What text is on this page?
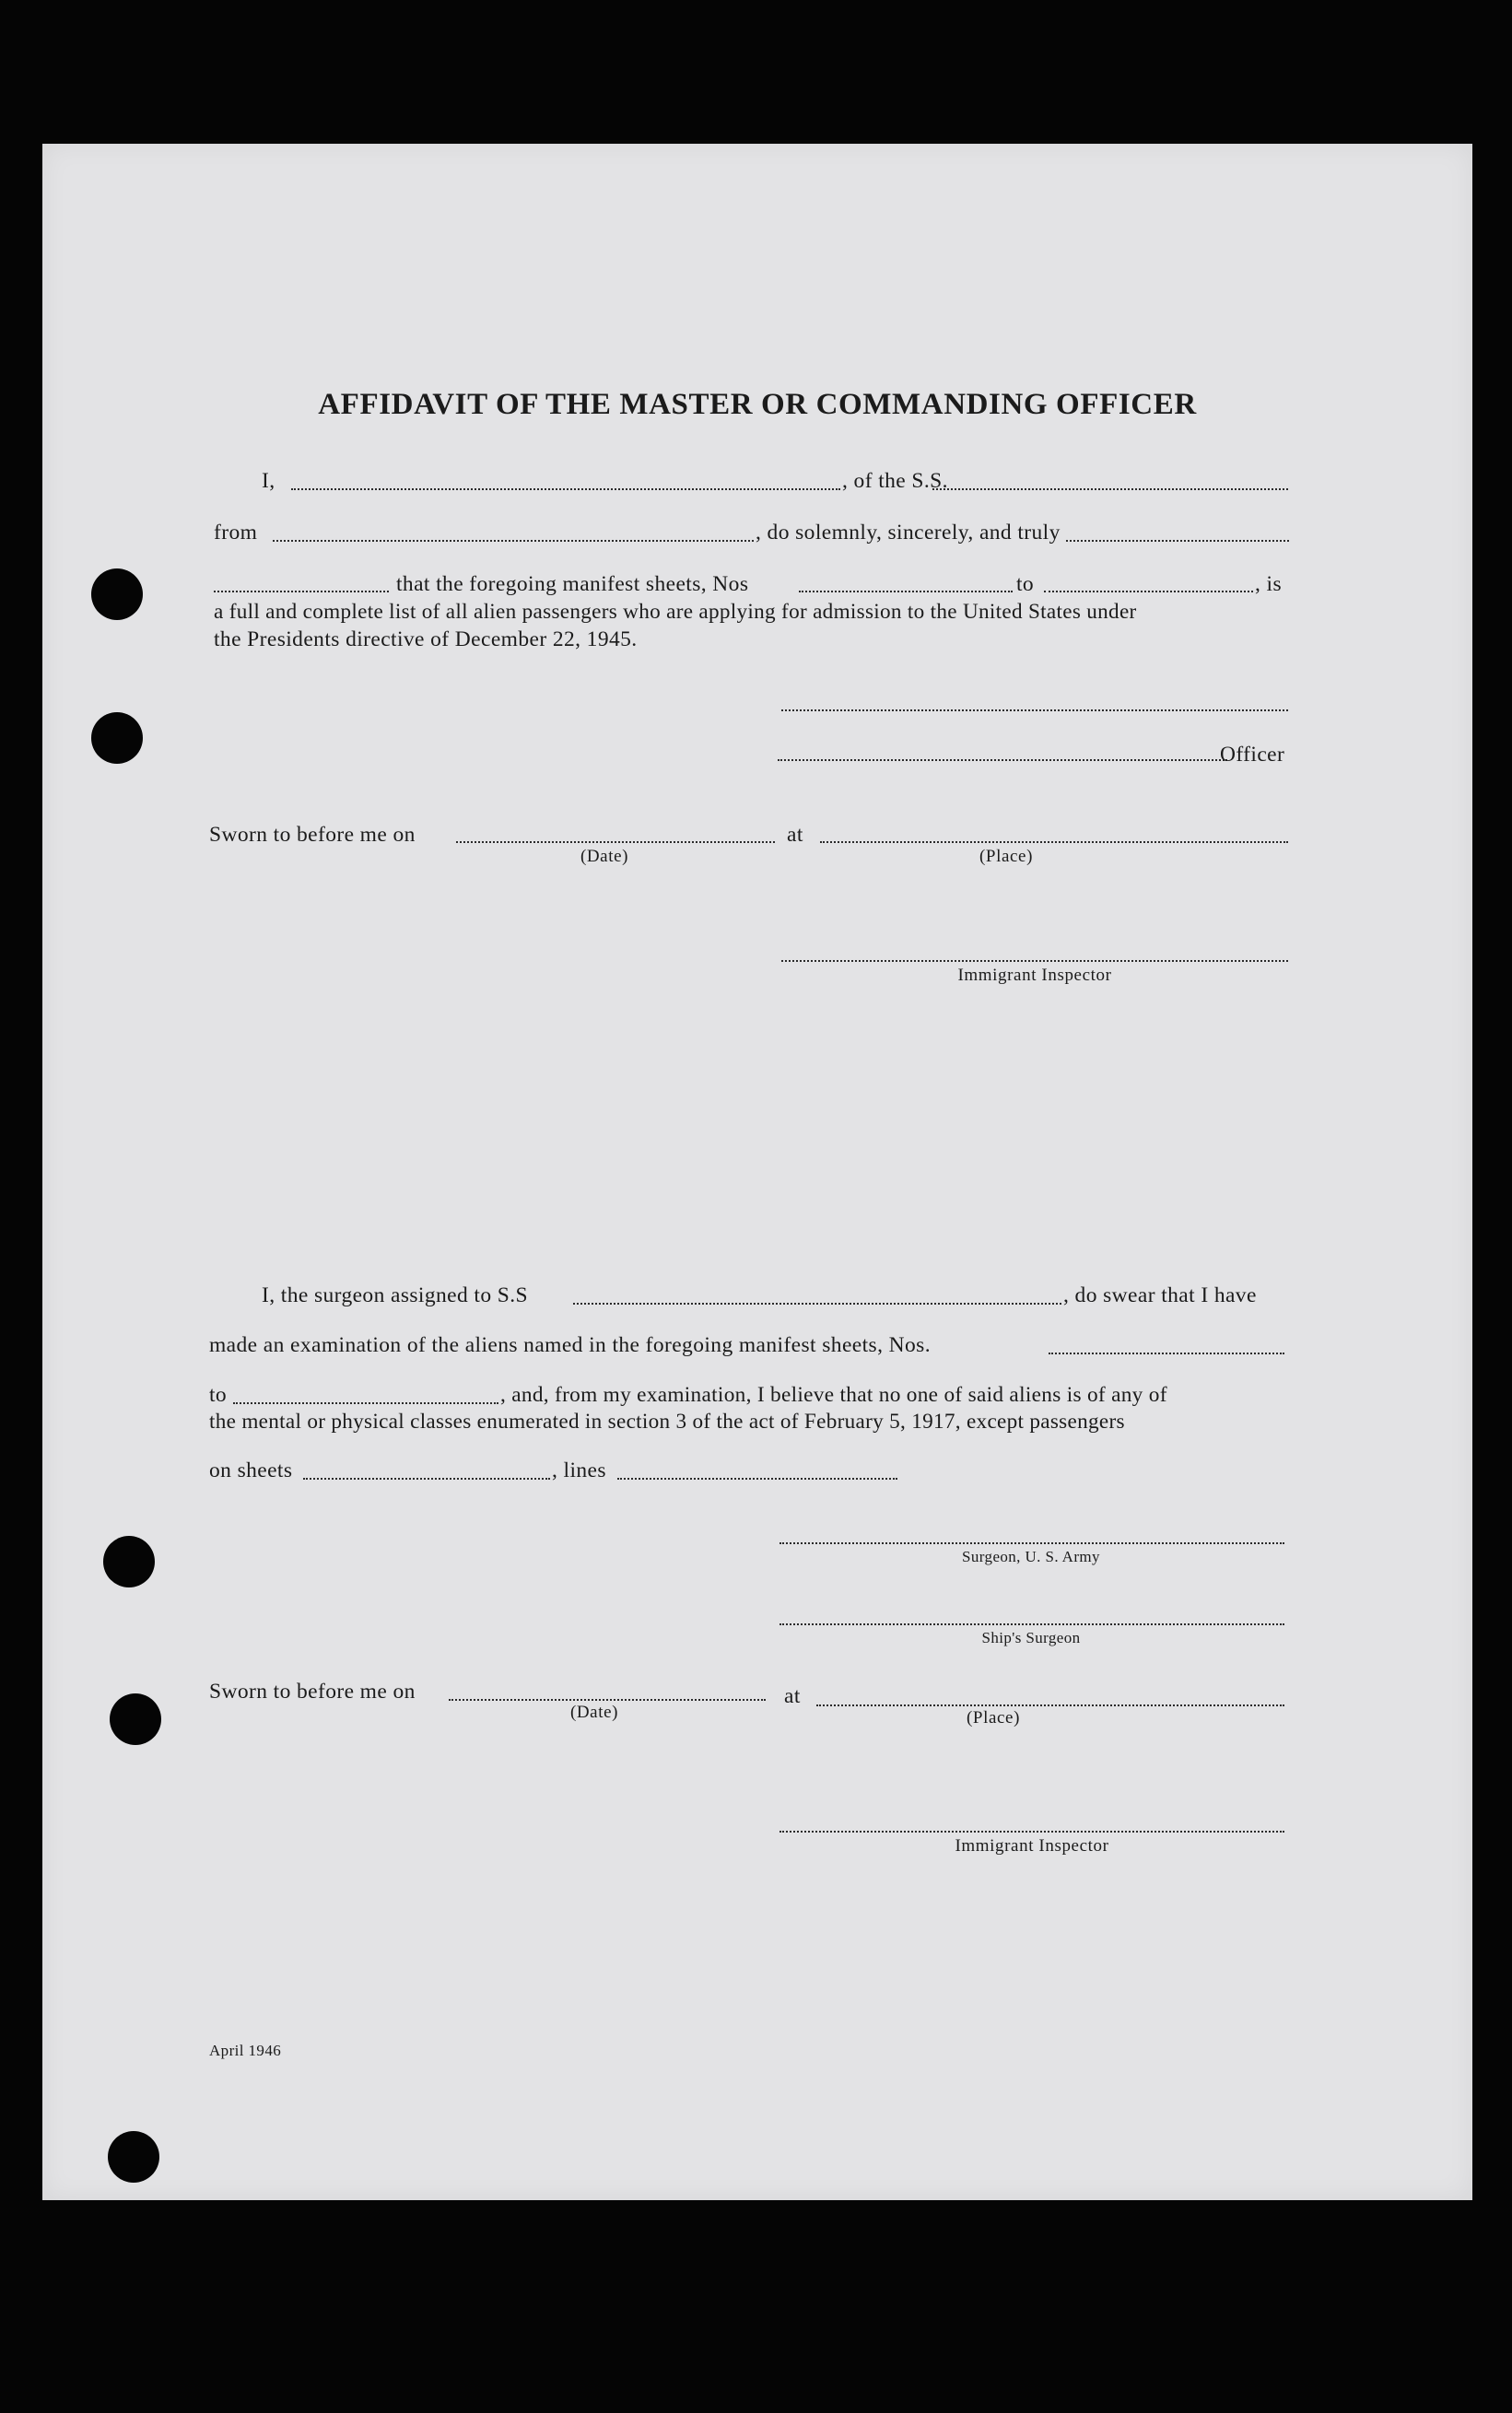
AFFIDAVIT OF THE MASTER OR COMMANDING OFFICER
I,	, of the S.S.
from	, do solemnly, sincerely, and truly
that the foregoing manifest sheets, Nos	to	, is
a full and complete list of all alien passengers who are applying for admission to the United States under
the Presidents directive of December 22, 1945.
Officer
Sworn to before me on	at
(Date)	(Place)
Immigrant Inspector
I, the surgeon assigned to S.S	, do swear that I have
made an examination of the aliens named in the foregoing manifest sheets, Nos.
to	, and, from my examination, I believe that no one of said aliens is of any of
the mental or physical classes enumerated in section 3 of the act of February 5, 1917, except passengers
on sheets	, lines
Surgeon, U. S. Army
Ship's Surgeon
Sworn to before me on	at
(Date)	(Place)
Immigrant Inspector
April 1946
